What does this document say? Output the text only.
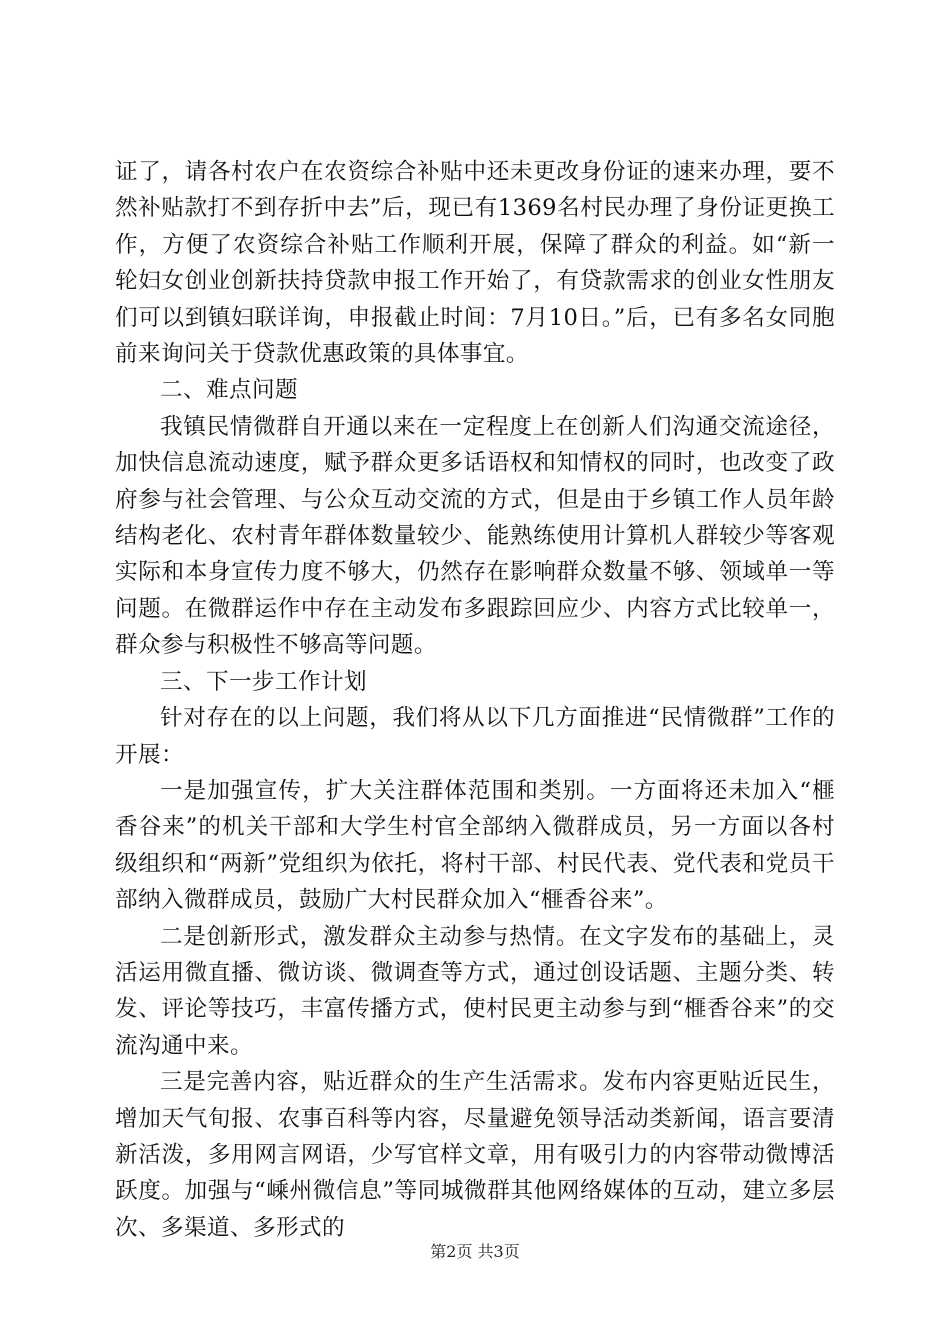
证了，请各村农户在农资综合补贴中还未更改身份证的速来办理，要不然补贴款打不到存折中去”后，现已有1369名村民办理了身份证更换工作，方便了农资综合补贴工作顺利开展，保障了群众的利益。如“新一轮妇女创业创新扶持贷款申报工作开始了，有贷款需求的创业女性朋友们可以到镇妇联详询，申报截止时间：7月10日。”后，已有多名女同胞前来询问关于贷款优惠政策的具体事宜。

二、难点问题

我镇民情微群自开通以来在一定程度上在创新人们沟通交流途径，加快信息流动速度，赋予群众更多话语权和知情权的同时，也改变了政府参与社会管理、与公众互动交流的方式，但是由于乡镇工作人员年龄结构老化、农村青年群体数量较少、能熟练使用计算机人群较少等客观实际和本身宣传力度不够大，仍然存在影响群众数量不够、领域单一等问题。在微群运作中存在主动发布多跟踪回应少、内容方式比较单一，群众参与积极性不够高等问题。

三、下一步工作计划

针对存在的以上问题，我们将从以下几方面推进“民情微群”工作的开展：

一是加强宣传，扩大关注群体范围和类别。一方面将还未加入“榧香谷来”的机关干部和大学生村官全部纳入微群成员，另一方面以各村级组织和“两新”党组织为依托，将村干部、村民代表、党代表和党员干部纳入微群成员，鼓励广大村民群众加入“榧香谷来”。

二是创新形式，激发群众主动参与热情。在文字发布的基础上，灵活运用微直播、微访谈、微调查等方式，通过创设话题、主题分类、转发、评论等技巧，丰富传播方式，使村民更主动参与到“榧香谷来”的交流沟通中来。

三是完善内容，贴近群众的生产生活需求。发布内容更贴近民生，增加天气旬报、农事百科等内容，尽量避免领导活动类新闻，语言要清新活泼，多用网言网语，少写官样文章，用有吸引力的内容带动微博活跃度。加强与“嵊州微信息”等同城微群其他网络媒体的互动，建立多层次、多渠道、多形式的

第2页 共3页
